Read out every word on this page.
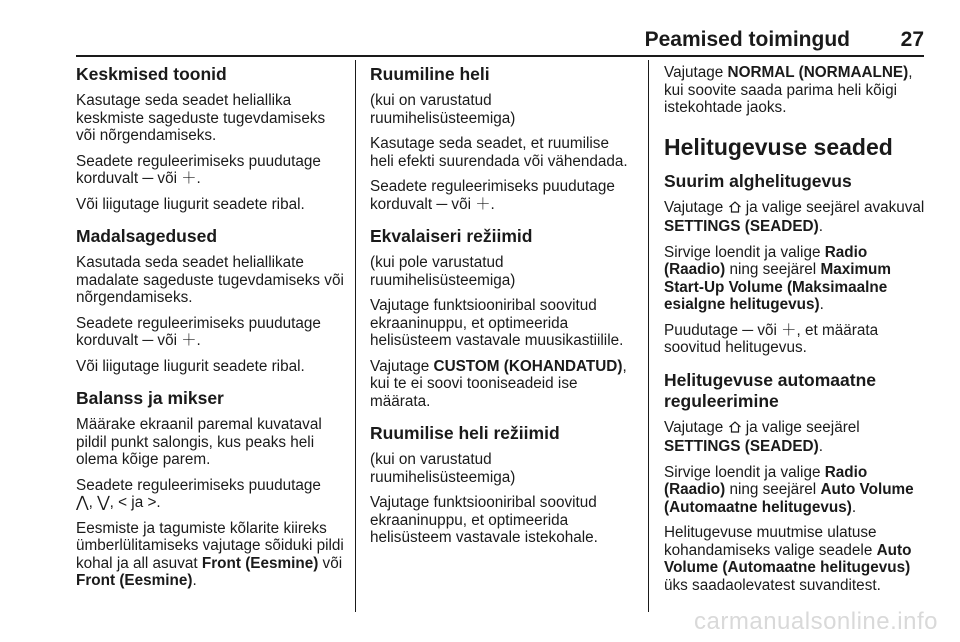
Peamised toimingud 27
Keskmised toonid

Kasutage seda seadet heliallika keskmiste sageduste tugevdamiseks või nõrgendamiseks.

Seadete reguleerimiseks puudutage korduvalt ─ või ＋.

Või liigutage liugurit seadete ribal.

Madalsagedused

Kasutada seda seadet heliallikate madalate sageduste tugevdamiseks või nõrgendamiseks.

Seadete reguleerimiseks puudutage korduvalt ─ või ＋.

Või liigutage liugurit seadete ribal.

Balanss ja mikser

Määrake ekraanil paremal kuvataval pildil punkt salongis, kus peaks heli olema kõige parem.

Seadete reguleerimiseks puudutage
⋀, ⋁, < ja >.

Eesmiste ja tagumiste kõlarite kiireks ümberlülitamiseks vajutage sõiduki pildi kohal ja all asuvat Front (Eesmine) või Front (Eesmine).

Ruumiline heli

(kui on varustatud ruumihelisüsteemiga)

Kasutage seda seadet, et ruumilise heli efekti suurendada või vähendada.

Seadete reguleerimiseks puudutage korduvalt ─ või ＋.

Ekvalaiseri režiimid

(kui pole varustatud ruumihelisüsteemiga)

Vajutage funktsiooniribal soovitud ekraaninuppu, et optimeerida helisüsteem vastavale muusikastiilile.

Vajutage CUSTOM (KOHANDATUD), kui te ei soovi tooniseadeid ise määrata.

Ruumilise heli režiimid

(kui on varustatud ruumihelisüsteemiga)

Vajutage funktsiooniribal soovitud ekraaninuppu, et optimeerida helisüsteem vastavale istekohale.

Vajutage NORMAL (NORMAALNE), kui soovite saada parima heli kõigi istekohtade jaoks.

Helitugevuse seaded
Suurim alghelitugevus

Vajutage  ja valige seejärel avakuval SETTINGS (SEADED).

Sirvige loendit ja valige Radio (Raadio) ning seejärel Maximum Start-Up Volume (Maksimaalne esialgne helitugevus).

Puudutage ─ või ＋, et määrata soovitud helitugevus.

Helitugevuse automaatne reguleerimine

Vajutage  ja valige seejärel SETTINGS (SEADED).

Sirvige loendit ja valige Radio (Raadio) ning seejärel Auto Volume (Automaatne helitugevus).

Helitugevuse muutmise ulatuse kohandamiseks valige seadele Auto Volume (Automaatne helitugevus) üks saadaolevatest suvanditest.

carmanualsonline.info
